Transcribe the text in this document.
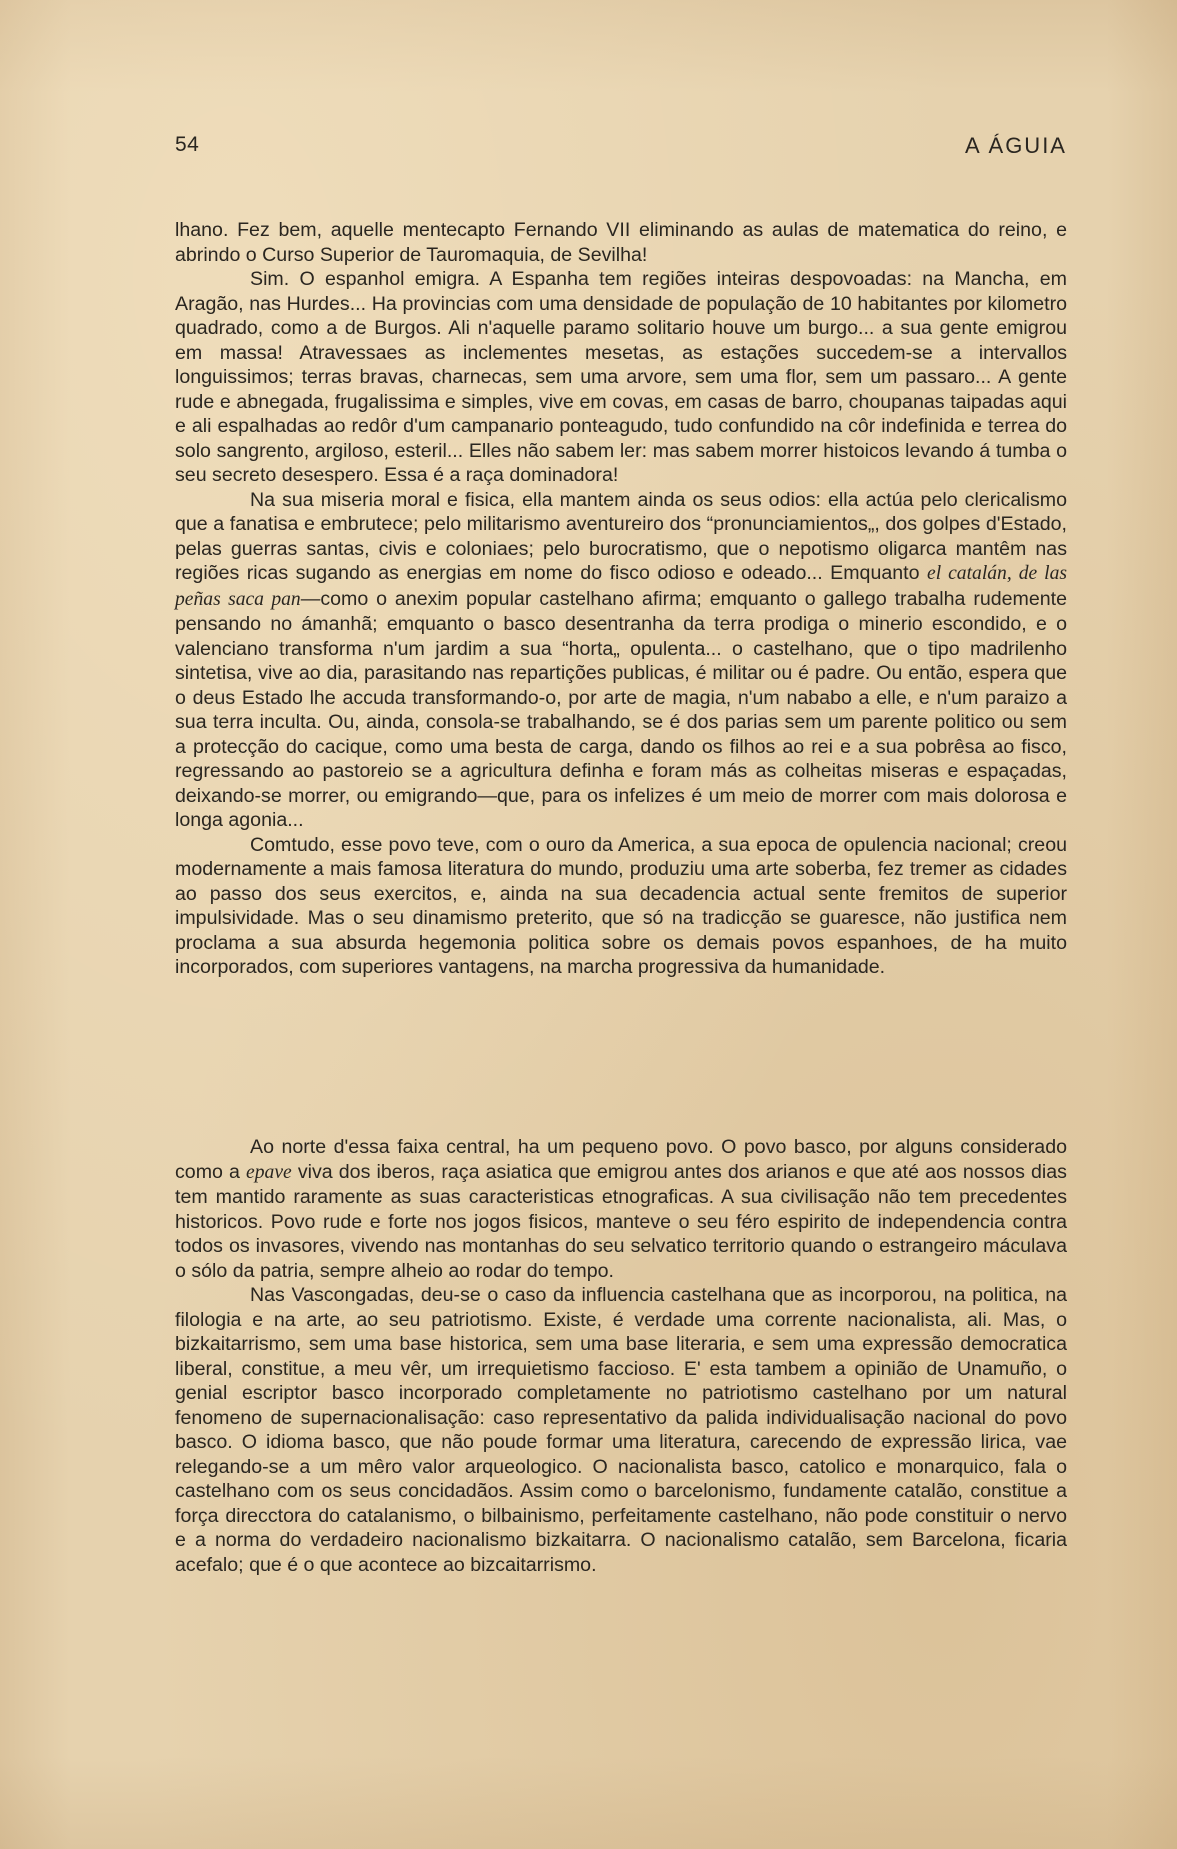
54	A ÁGUIA

lhano. Fez bem, aquelle mentecapto Fernando VII eliminando as aulas de matematica do reino, e abrindo o Curso Superior de Tauromaquia, de Sevilha!

Sim. O espanhol emigra. A Espanha tem regiões inteiras despovoadas: na Mancha, em Aragão, nas Hurdes... Ha provincias com uma densidade de população de 10 habitantes por kilometro quadrado, como a de Burgos. Ali n'aquelle paramo solitario houve um burgo... a sua gente emigrou em massa! Atravessaes as inclementes mesetas, as estações succedem-se a intervallos longuissimos; terras bravas, charnecas, sem uma arvore, sem uma flor, sem um passaro... A gente rude e abnegada, frugalissima e simples, vive em covas, em casas de barro, choupanas taipadas aqui e ali espalhadas ao redôr d'um campanario ponteagudo, tudo confundido na côr indefinida e terrea do solo sangrento, argiloso, esteril... Elles não sabem ler: mas sabem morrer histoicos levando á tumba o seu secreto desespero. Essa é a raça dominadora!

Na sua miseria moral e fisica, ella mantem ainda os seus odios: ella actúa pelo clericalismo que a fanatisa e embrutece; pelo militarismo aventureiro dos “pronunciamientos„, dos golpes d'Estado, pelas guerras santas, civis e coloniaes; pelo burocratismo, que o nepotismo oligarca mantêm nas regiões ricas sugando as energias em nome do fisco odioso e odeado... Emquanto el catalán, de las peñas saca pan—como o anexim popular castelhano afirma; emquanto o gallego trabalha rudemente pensando no ámanhã; emquanto o basco desentranha da terra prodiga o minerio escondido, e o valenciano transforma n'um jardim a sua “horta„ opulenta... o castelhano, que o tipo madrilenho sintetisa, vive ao dia, parasitando nas repartições publicas, é militar ou é padre. Ou então, espera que o deus Estado lhe accuda transformando-o, por arte de magia, n'um nababo a elle, e n'um paraizo a sua terra inculta. Ou, ainda, consola-se trabalhando, se é dos parias sem um parente politico ou sem a protecção do cacique, como uma besta de carga, dando os filhos ao rei e a sua pobrêsa ao fisco, regressando ao pastoreio se a agricultura definha e foram más as colheitas miseras e espaçadas, deixando-se morrer, ou emigrando—que, para os infelizes é um meio de morrer com mais dolorosa e longa agonia...

Comtudo, esse povo teve, com o ouro da America, a sua epoca de opulencia nacional; creou modernamente a mais famosa literatura do mundo, produziu uma arte soberba, fez tremer as cidades ao passo dos seus exercitos, e, ainda na sua decadencia actual sente fremitos de superior impulsividade. Mas o seu dinamismo preterito, que só na tradicção se guaresce, não justifica nem proclama a sua absurda hegemonia politica sobre os demais povos espanhoes, de ha muito incorporados, com superiores vantagens, na marcha progressiva da humanidade.

Ao norte d'essa faixa central, ha um pequeno povo. O povo basco, por alguns considerado como a epave viva dos iberos, raça asiatica que emigrou antes dos arianos e que até aos nossos dias tem mantido raramente as suas caracteristicas etnograficas. A sua civilisação não tem precedentes historicos. Povo rude e forte nos jogos fisicos, manteve o seu féro espirito de independencia contra todos os invasores, vivendo nas montanhas do seu selvatico territorio quando o estrangeiro máculava o sólo da patria, sempre alheio ao rodar do tempo.

Nas Vascongadas, deu-se o caso da influencia castelhana que as incorporou, na politica, na filologia e na arte, ao seu patriotismo. Existe, é verdade uma corrente nacionalista, ali. Mas, o bizkaitarrismo, sem uma base historica, sem uma base literaria, e sem uma expressão democratica liberal, constitue, a meu vêr, um irrequietismo faccioso. E' esta tambem a opinião de Unamuño, o genial escriptor basco incorporado completamente no patriotismo castelhano por um natural fenomeno de supernacionalisação: caso representativo da palida individualisação nacional do povo basco. O idioma basco, que não poude formar uma literatura, carecendo de expressão lirica, vae relegando-se a um mêro valor arqueologico. O nacionalista basco, catolico e monarquico, fala o castelhano com os seus concidadãos. Assim como o barcelonismo, fundamente catalão, constitue a força direcctora do catalanismo, o bilbainismo, perfeitamente castelhano, não pode constituir o nervo e a norma do verdadeiro nacionalismo bizkaitarra. O nacionalismo catalão, sem Barcelona, ficaria acefalo; que é o que acontece ao bizcaitarrismo.
